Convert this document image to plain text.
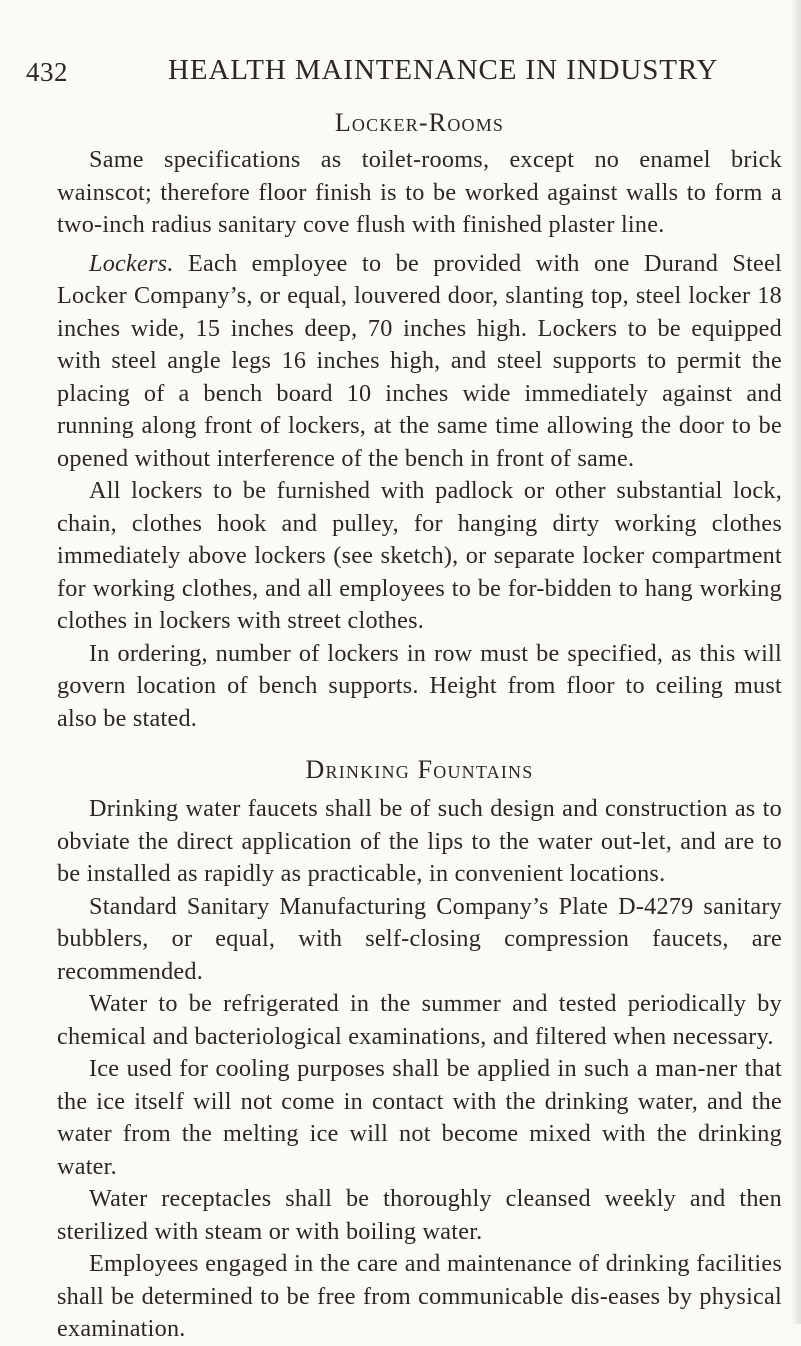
432	HEALTH MAINTENANCE IN INDUSTRY
Locker-Rooms

Same specifications as toilet-rooms, except no enamel brick wainscot; therefore floor finish is to be worked against walls to form a two-inch radius sanitary cove flush with finished plaster line.

Lockers. Each employee to be provided with one Durand Steel Locker Company’s, or equal, louvered door, slanting top, steel locker 18 inches wide, 15 inches deep, 70 inches high. Lockers to be equipped with steel angle legs 16 inches high, and steel supports to permit the placing of a bench board 10 inches wide immediately against and running along front of lockers, at the same time allowing the door to be opened without interference of the bench in front of same.

All lockers to be furnished with padlock or other substantial lock, chain, clothes hook and pulley, for hanging dirty working clothes immediately above lockers (see sketch), or separate locker compartment for working clothes, and all employees to be for-bidden to hang working clothes in lockers with street clothes.

In ordering, number of lockers in row must be specified, as this will govern location of bench supports. Height from floor to ceiling must also be stated.

Drinking Fountains

Drinking water faucets shall be of such design and construction as to obviate the direct application of the lips to the water out-let, and are to be installed as rapidly as practicable, in convenient locations.

Standard Sanitary Manufacturing Company’s Plate D-4279 sanitary bubblers, or equal, with self-closing compression faucets, are recommended.

Water to be refrigerated in the summer and tested periodically by chemical and bacteriological examinations, and filtered when necessary.

Ice used for cooling purposes shall be applied in such a man-ner that the ice itself will not come in contact with the drinking water, and the water from the melting ice will not become mixed with the drinking water.

Water receptacles shall be thoroughly cleansed weekly and then sterilized with steam or with boiling water.

Employees engaged in the care and maintenance of drinking facilities shall be determined to be free from communicable dis-eases by physical examination.
